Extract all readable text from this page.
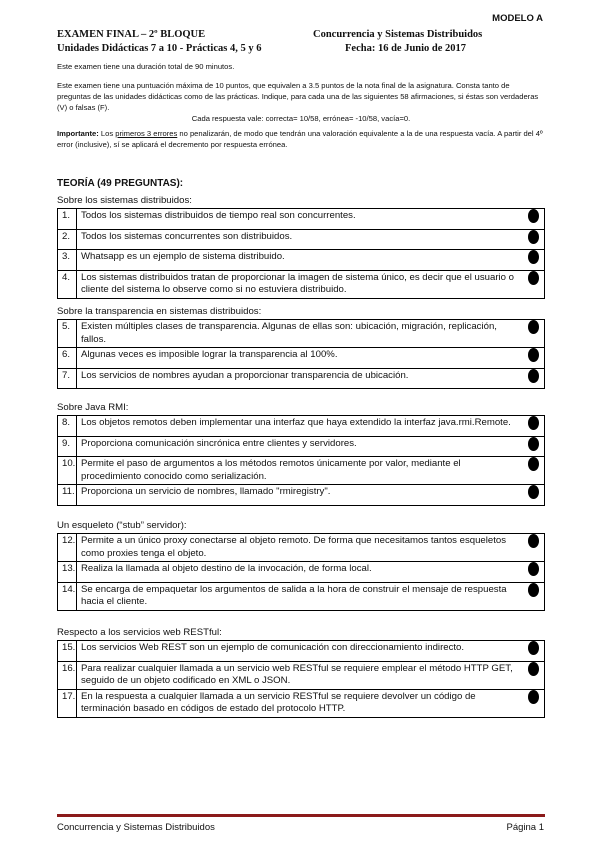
MODELO A
EXAMEN FINAL – 2º BLOQUE	Concurrencia y Sistemas Distribuidos
Unidades Didácticas 7 a 10 - Prácticas 4, 5 y 6	Fecha: 16 de Junio de 2017
Este examen tiene una duración total de 90 minutos.

Este examen tiene una puntuación máxima de 10 puntos, que equivalen a 3.5 puntos de la nota final de la asignatura. Consta tanto de preguntas de las unidades didácticas como de las prácticas. Indique, para cada una de las siguientes 58 afirmaciones, si éstas son verdaderas (V) o falsas (F).

Cada respuesta vale: correcta= 10/58, errónea= -10/58, vacía=0.

Importante: Los primeros 3 errores no penalizarán, de modo que tendrán una valoración equivalente a la de una respuesta vacía. A partir del 4º error (inclusive), sí se aplicará el decremento por respuesta errónea.

TEORÍA (49 PREGUNTAS):
Sobre los sistemas distribuidos:
1.	Todos los sistemas distribuidos de tiempo real son concurrentes.	
2.	Todos los sistemas concurrentes son distribuidos.	
3.	Whatsapp es un ejemplo de sistema distribuido.	
4.	Los sistemas distribuidos tratan de proporcionar la imagen de sistema único, es decir que el usuario o cliente del sistema lo observe como si no estuviera distribuido.	
Sobre la transparencia en sistemas distribuidos:
5.	Existen múltiples clases de transparencia. Algunas de ellas son: ubicación, migración, replicación, fallos.	
6.	Algunas veces es imposible lograr la transparencia al 100%.	
7.	Los servicios de nombres ayudan a proporcionar transparencia de ubicación.	
Sobre Java RMI:
8.	Los objetos remotos deben implementar una interfaz que haya extendido la interfaz java.rmi.Remote.	
9.	Proporciona comunicación sincrónica entre clientes y servidores.	
10.	Permite el paso de argumentos a los métodos remotos únicamente por valor, mediante el procedimiento conocido como serialización.	
11.	Proporciona un servicio de nombres, llamado "rmiregistry".	
Un esqueleto (“stub” servidor):
12.	Permite a un único proxy conectarse al objeto remoto. De forma que necesitamos tantos esqueletos como proxies tenga el objeto.	
13.	Realiza la llamada al objeto destino de la invocación, de forma local.	
14.	Se encarga de empaquetar los argumentos de salida a la hora de construir el mensaje de respuesta hacia el cliente.	
Respecto a los servicios web RESTful:
15.	Los servicios Web REST son un ejemplo de comunicación con direccionamiento indirecto.	
16.	Para realizar cualquier llamada a un servicio web RESTful se requiere emplear el método HTTP GET, seguido de un objeto codificado en XML o JSON.	
17.	En la respuesta a cualquier llamada a un servicio RESTful se requiere devolver un código de terminación basado en códigos de estado del protocolo HTTP.	
Concurrencia y Sistemas Distribuidos	Página 1
